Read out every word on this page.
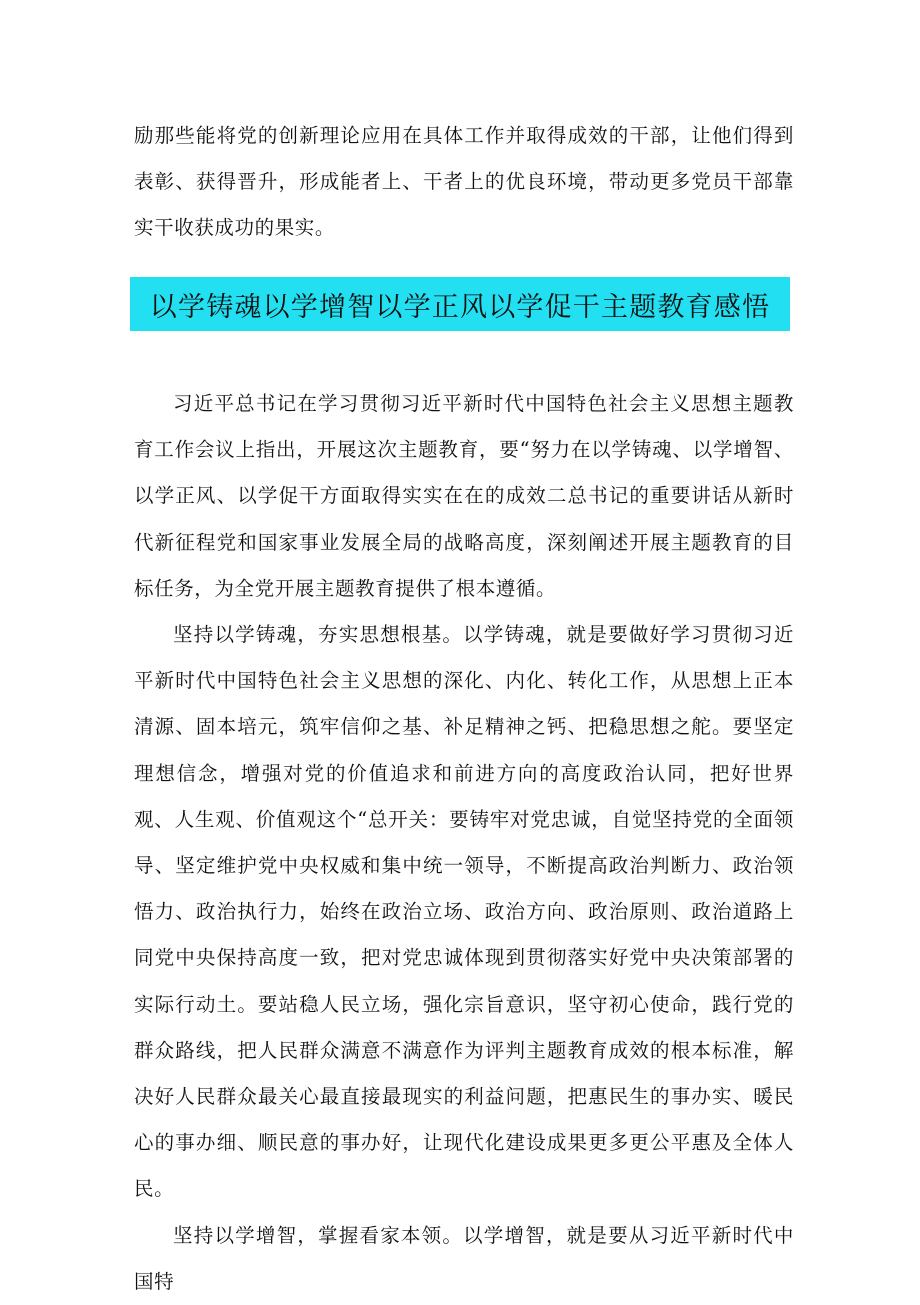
励那些能将党的创新理论应用在具体工作并取得成效的干部，让他们得到表彰、获得晋升，形成能者上、干者上的优良环境，带动更多党员干部靠实干收获成功的果实。

以学铸魂以学增智以学正风以学促干主题教育感悟

习近平总书记在学习贯彻习近平新时代中国特色社会主义思想主题教育工作会议上指出，开展这次主题教育，要“努力在以学铸魂、以学增智、以学正风、以学促干方面取得实实在在的成效二总书记的重要讲话从新时代新征程党和国家事业发展全局的战略高度，深刻阐述开展主题教育的目标任务，为全党开展主题教育提供了根本遵循。

坚持以学铸魂，夯实思想根基。以学铸魂，就是要做好学习贯彻习近平新时代中国特色社会主义思想的深化、内化、转化工作，从思想上正本清源、固本培元，筑牢信仰之基、补足精神之钙、把稳思想之舵。要坚定理想信念，增强对党的价值追求和前进方向的高度政治认同，把好世界观、人生观、价值观这个“总开关：要铸牢对党忠诚，自觉坚持党的全面领导、坚定维护党中央权威和集中统一领导，不断提高政治判断力、政治领悟力、政治执行力，始终在政治立场、政治方向、政治原则、政治道路上同党中央保持高度一致，把对党忠诚体现到贯彻落实好党中央决策部署的实际行动土。要站稳人民立场，强化宗旨意识，坚守初心使命，践行党的群众路线，把人民群众满意不满意作为评判主题教育成效的根本标准，解决好人民群众最关心最直接最现实的利益问题，把惠民生的事办实、暖民心的事办细、顺民意的事办好，让现代化建设成果更多更公平惠及全体人民。

坚持以学增智，掌握看家本领。以学增智，就是要从习近平新时代中国特
